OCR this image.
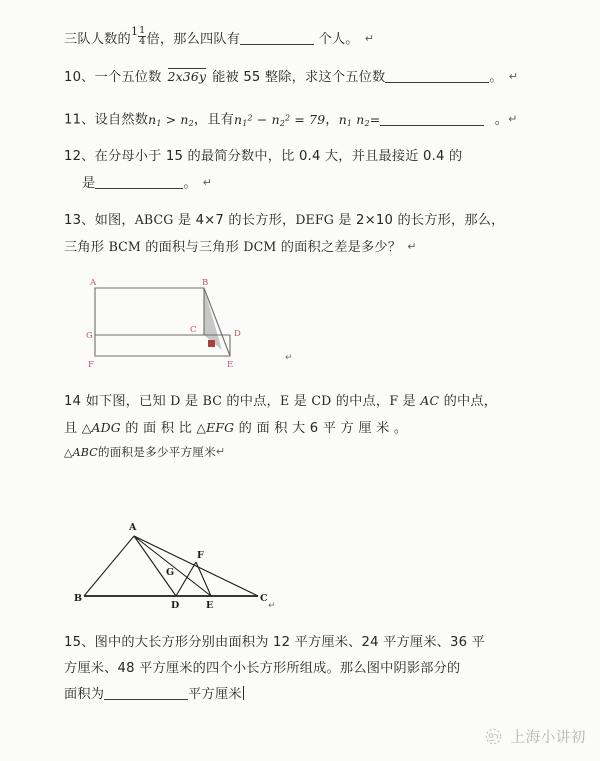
三队人数的$1 \frac{1}{4}$ 倍，那么四队有	个人。 ↵
10、一个五位数 2x36y 能被 55 整除，求这个五位数	。 ↵
11、设自然数$n_1 > n_2$，且有$n_1^2 - n_2^2 = 79$，$n_1$ $n_2=$	。↵
12、在分母小于 15 的最简分数中，比 0.4 大，并且最接近 0.4 的
是	。 ↵
13、如图，ABCG 是 4×7 的长方形，DEFG 是 2×10 的长方形，那么，
三角形 BCM 的面积与三角形 DCM 的面积之差是多少？ ↵
A	B
C	D
E
F
G
↵
14 如下图，已知 D 是 BC 的中点，E 是 CD 的中点，F 是 AC 的中点，
且 △ADG 的 面 积 比 △EFG 的 面 积 大 6 平 方 厘 米 。
△ABC的面积是多少平方厘米↵
A
B	C
D	E
F
G
↵
15、图中的大长方形分别由面积为 12 平方厘米、24 平方厘米、36 平
方厘米、48 平方厘米的四个小长方形所组成。那么图中阴影部分的
面积为	平方厘米
上海小讲初
